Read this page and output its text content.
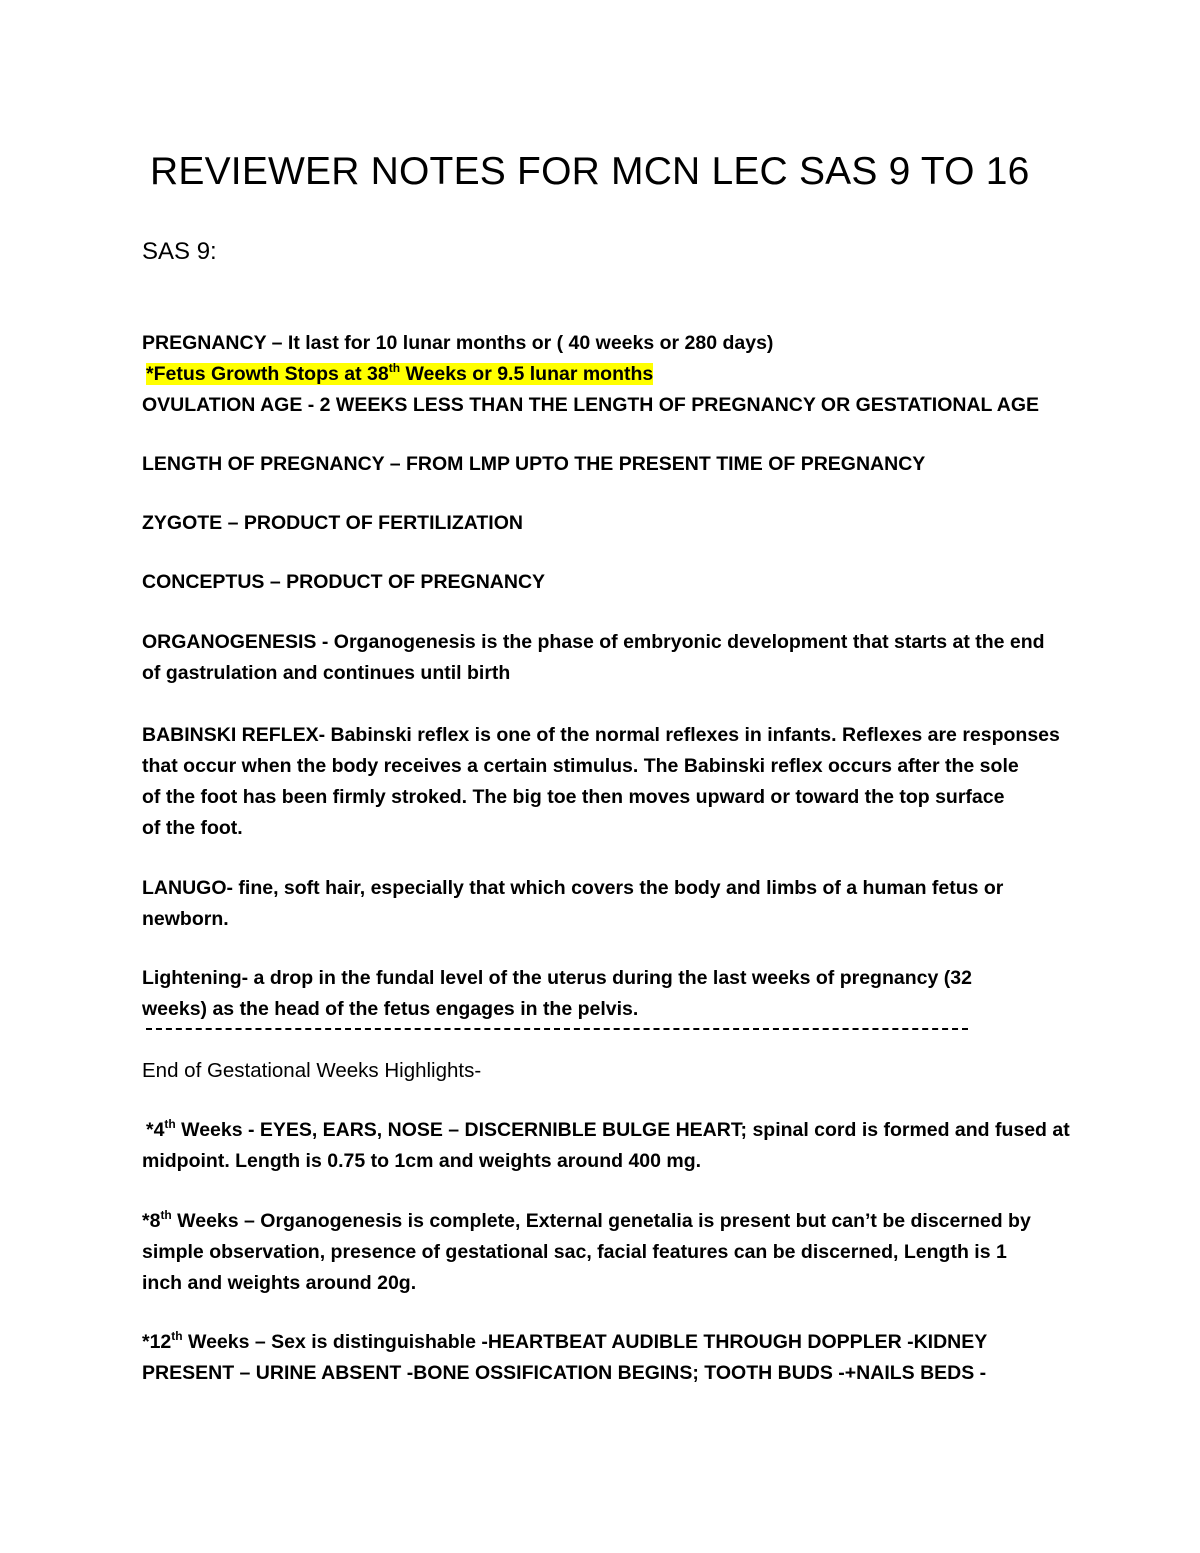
REVIEWER NOTES FOR MCN LEC SAS 9 TO 16
SAS 9:
PREGNANCY – It last for 10 lunar months or ( 40 weeks or 280 days)
*Fetus Growth Stops at 38th Weeks or 9.5 lunar months
OVULATION AGE - 2 WEEKS LESS THAN THE LENGTH OF PREGNANCY OR GESTATIONAL AGE
LENGTH OF PREGNANCY – FROM LMP UPTO THE PRESENT TIME OF PREGNANCY
ZYGOTE – PRODUCT OF FERTILIZATION
CONCEPTUS – PRODUCT OF PREGNANCY
ORGANOGENESIS - Organogenesis is the phase of embryonic development that starts at the end
of gastrulation and continues until birth
BABINSKI REFLEX- Babinski reflex is one of the normal reflexes in infants. Reflexes are responses
that occur when the body receives a certain stimulus. The Babinski reflex occurs after the sole
of the foot has been firmly stroked. The big toe then moves upward or toward the top surface
of the foot.
LANUGO- fine, soft hair, especially that which covers the body and limbs of a human fetus or
newborn.
Lightening- a drop in the fundal level of the uterus during the last weeks of pregnancy (32
weeks) as the head of the fetus engages in the pelvis.
End of Gestational Weeks Highlights-
*4th Weeks - EYES, EARS, NOSE – DISCERNIBLE BULGE HEART; spinal cord is formed and fused at
midpoint. Length is 0.75 to 1cm and weights around 400 mg.
*8th Weeks – Organogenesis is complete, External genetalia is present but can’t be discerned by
simple observation, presence of gestational sac, facial features can be discerned, Length is 1
inch and weights around 20g.
*12th Weeks – Sex is distinguishable -HEARTBEAT AUDIBLE THROUGH DOPPLER -KIDNEY
PRESENT – URINE ABSENT -BONE OSSIFICATION BEGINS; TOOTH BUDS -+NAILS BEDS -
